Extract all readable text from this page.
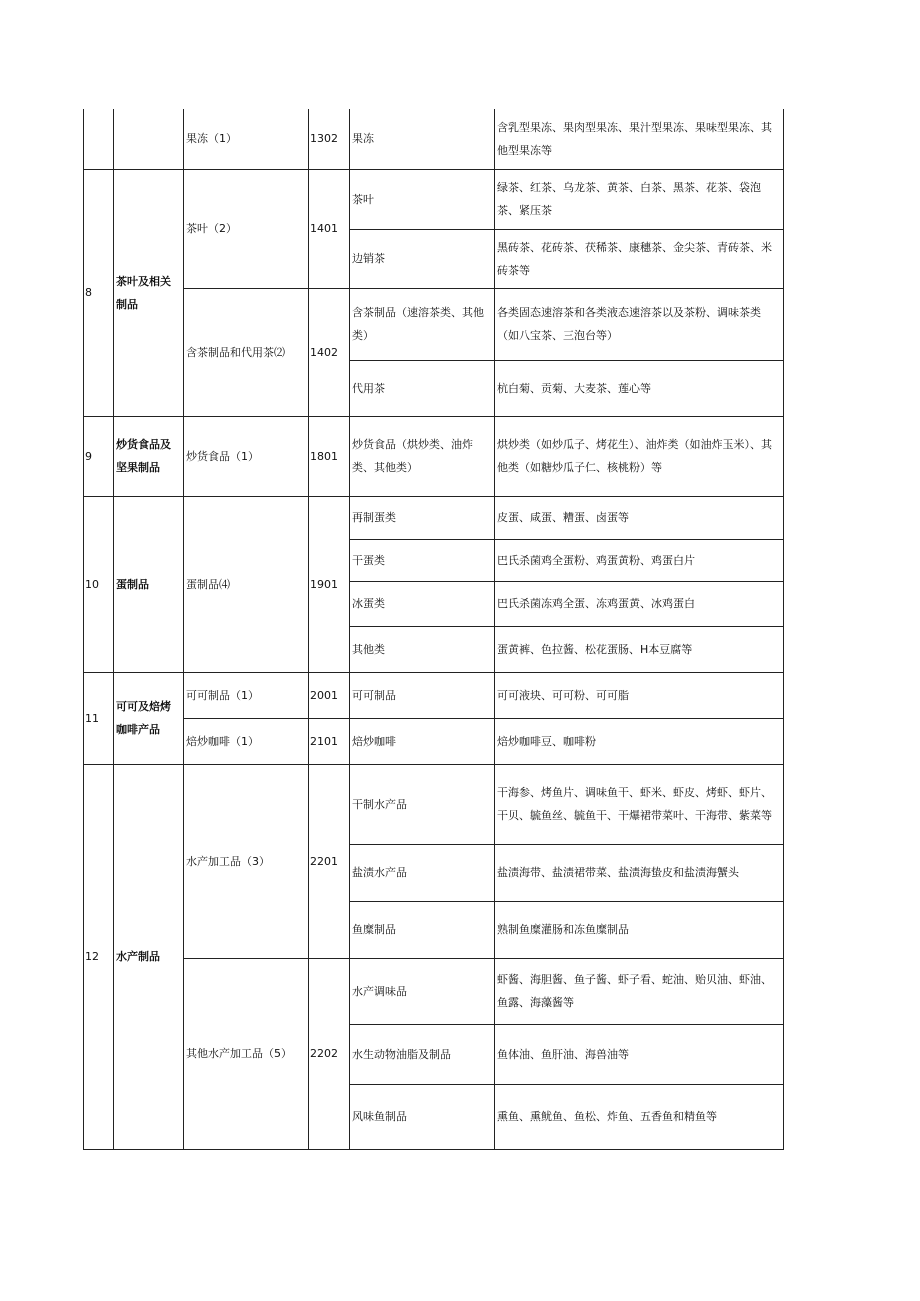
		果冻（1）	1302	果冻	含乳型果冻、果肉型果冻、果汁型果冻、果味型果冻、其他型果冻等
8	茶叶及相关制品	茶叶（2）	1401	茶叶	绿茶、红茶、乌龙茶、黄茶、白茶、黑茶、花茶、袋泡茶、紧压茶
				边销茶	黑砖茶、花砖茶、茯稀茶、康穗茶、金尖茶、青砖茶、米砖茶等
		含茶制品和代用茶⑵	1402	含茶制品（速溶茶类、其他类）	各类固态速溶茶和各类液态速溶茶以及茶粉、调味茶类（如八宝茶、三泡台等）
				代用茶	杭白菊、贡菊、大麦茶、莲心等
9	炒货食品及坚果制品	炒货食品（1）	1801	炒货食品（烘炒类、油炸类、其他类）	烘炒类（如炒瓜子、烤花生）、油炸类（如油炸玉米）、其他类（如糖炒瓜子仁、核桃粉）等
10	蛋制品	蛋制品⑷	1901	再制蛋类	皮蛋、咸蛋、糟蛋、卤蛋等
				干蛋类	巴氏杀菌鸡全蛋粉、鸡蛋黄粉、鸡蛋白片
				冰蛋类	巴氏杀菌冻鸡全蛋、冻鸡蛋黄、冰鸡蛋白
				其他类	蛋黄裤、色拉酱、松花蛋肠、H本豆腐等
11	可可及焙烤咖啡产品	可可制品（1）	2001	可可制品	可可液块、可可粉、可可脂
		焙炒咖啡（1）	2101	焙炒咖啡	焙炒咖啡豆、咖啡粉
12	水产制品	水产加工品（3）	2201	干制水产品	干海参、烤鱼片、调味鱼干、虾米、虾皮、烤虾、虾片、干贝、毓鱼丝、毓鱼干、干爆裙带菜叶、干海带、紫菜等
				盐渍水产品	盐渍海带、盐渍裙带菜、盐渍海蛰皮和盐渍海蟹头
				鱼糜制品	熟制鱼糜灌肠和冻鱼糜制品
		其他水产加工品（5）	2202	水产调味品	虾酱、海胆酱、鱼子酱、虾子看、蛇油、贻贝油、虾油、鱼露、海藻酱等
				水生动物油脂及制品	鱼体油、鱼肝油、海兽油等
				风味鱼制品	熏鱼、熏鱿鱼、鱼松、炸鱼、五香鱼和精鱼等
